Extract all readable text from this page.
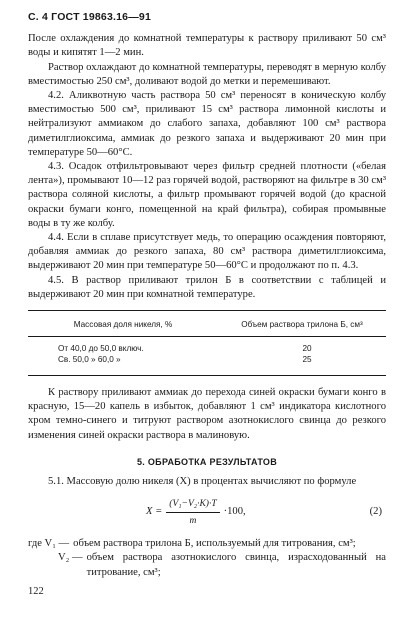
С. 4 ГОСТ 19863.16—91

После охлаждения до комнатной температуры к раствору приливают 50 см³ воды и кипятят 1—2 мин.

Раствор охлаждают до комнатной температуры, переводят в мерную колбу вместимостью 250 см³, доливают водой до метки и перемешивают.

4.2. Аликвотную часть раствора 50 см³ переносят в коническую колбу вместимостью 500 см³, приливают 15 см³ раствора лимонной кислоты и нейтрализуют аммиаком до слабого запаха, добавляют 100 см³ раствора диметилглиоксима, аммиак до резкого запаха и выдерживают 20 мин при температуре 50—60°С.

4.3. Осадок отфильтровывают через фильтр средней плотности («белая лента»), промывают 10—12 раз горячей водой, растворяют на фильтре в 30 см³ раствора соляной кислоты, а фильтр промывают горячей водой (до красной окраски бумаги конго, помещенной на край фильтра), собирая промывные воды в ту же колбу.

4.4. Если в сплаве присутствует медь, то операцию осаждения повторяют, добавляя аммиак до резкого запаха, 80 см³ раствора диметилглиоксима, выдерживают 20 мин при температуре 50—60°С и продолжают по п. 4.3.

4.5. В раствор приливают трилон Б в соответствии с таблицей и выдерживают 20 мин при комнатной температуре.

Массовая доля никеля, %	Объем раствора трилона Б, см³
От 40,0 до 50,0 включ.	20
Св. 50,0 » 60,0 »	25

К раствору приливают аммиак до перехода синей окраски бумаги конго в красную, 15—20 капель в избыток, добавляют 1 см³ индикатора кислотного хром темно-синего и титруют раствором азотнокислого свинца до резкого изменения синей окраски раствора в малиновую.

5. ОБРАБОТКА РЕЗУЛЬТАТОВ

5.1. Массовую долю никеля (X) в процентах вычисляют по формуле

$X = \frac{\text{(V₁−V₂·K)·T}}{m} \cdot 100$,	(2)
где V₁ — объем раствора трилона Б, используемый для титрования, см³;
V₂ — объем раствора азотнокислого свинца, израсходованный на титрование, см³;
122
